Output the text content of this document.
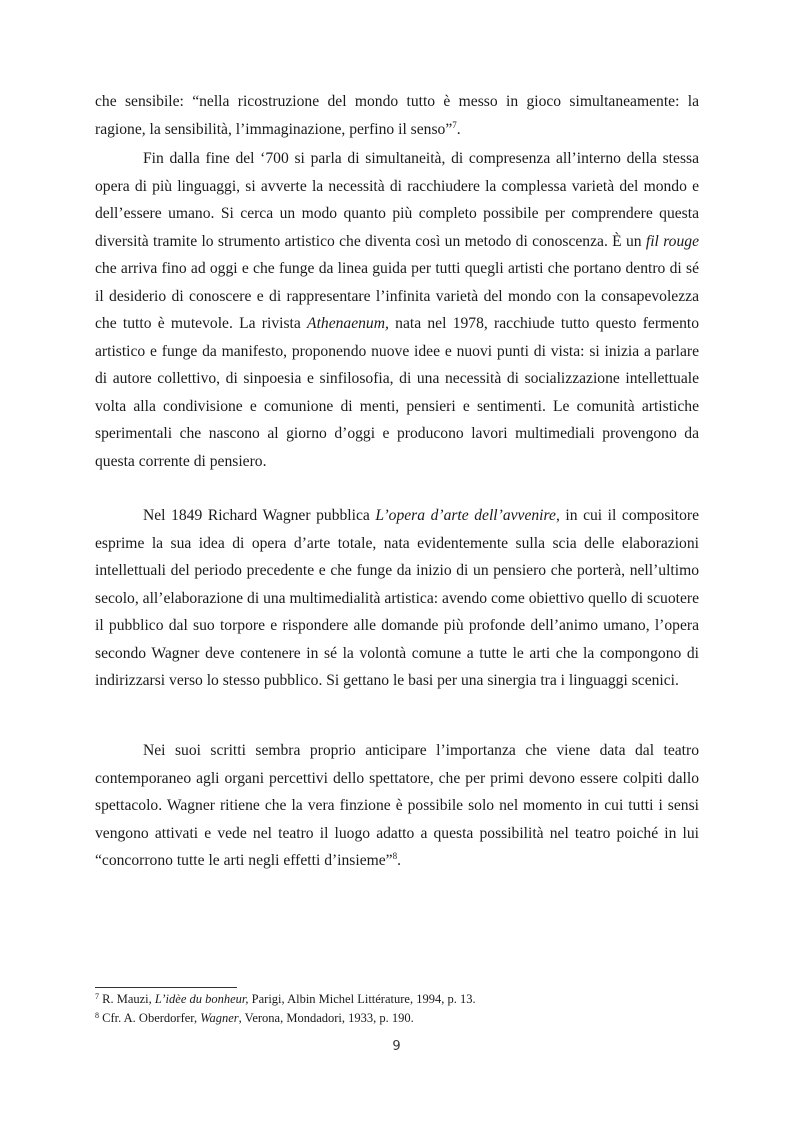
che sensibile: “nella ricostruzione del mondo tutto è messo in gioco simultaneamente: la ragione, la sensibilità, l’immaginazione, perfino il senso”$^7$.

Fin dalla fine del ‘700 si parla di simultaneità, di compresenza all’interno della stessa opera di più linguaggi, si avverte la necessità di racchiudere la complessa varietà del mondo e dell’essere umano. Si cerca un modo quanto più completo possibile per comprendere questa diversità tramite lo strumento artistico che diventa così un metodo di conoscenza. È un fil rouge che arriva fino ad oggi e che funge da linea guida per tutti quegli artisti che portano dentro di sé il desiderio di conoscere e di rappresentare l’infinita varietà del mondo con la consapevolezza che tutto è mutevole. La rivista Athenaenum, nata nel 1978, racchiude tutto questo fermento artistico e funge da manifesto, proponendo nuove idee e nuovi punti di vista: si inizia a parlare di autore collettivo, di sinpoesia e sinfilosofia, di una necessità di socializzazione intellettuale volta alla condivisione e comunione di menti, pensieri e sentimenti. Le comunità artistiche sperimentali che nascono al giorno d’oggi e producono lavori multimediali provengono da questa corrente di pensiero.

Nel 1849 Richard Wagner pubblica L’opera d’arte dell’avvenire, in cui il compositore esprime la sua idea di opera d’arte totale, nata evidentemente sulla scia delle elaborazioni intellettuali del periodo precedente e che funge da inizio di un pensiero che porterà, nell’ultimo secolo, all’elaborazione di una multimedialità artistica: avendo come obiettivo quello di scuotere il pubblico dal suo torpore e rispondere alle domande più profonde dell’animo umano, l’opera secondo Wagner deve contenere in sé la volontà comune a tutte le arti che la compongono di indirizzarsi verso lo stesso pubblico. Si gettano le basi per una sinergia tra i linguaggi scenici.

Nei suoi scritti sembra proprio anticipare l’importanza che viene data dal teatro contemporaneo agli organi percettivi dello spettatore, che per primi devono essere colpiti dallo spettacolo. Wagner ritiene che la vera finzione è possibile solo nel momento in cui tutti i sensi vengono attivati e vede nel teatro il luogo adatto a questa possibilità nel teatro poiché in lui “concorrono tutte le arti negli effetti d’insieme”$^8$.

$^7$ R. Mauzi, L’idèe du bonheur, Parigi, Albin Michel Littérature, 1994, p. 13.

$^8$ Cfr. A. Oberdorfer, Wagner, Verona, Mondadori, 1933, p. 190.

9
